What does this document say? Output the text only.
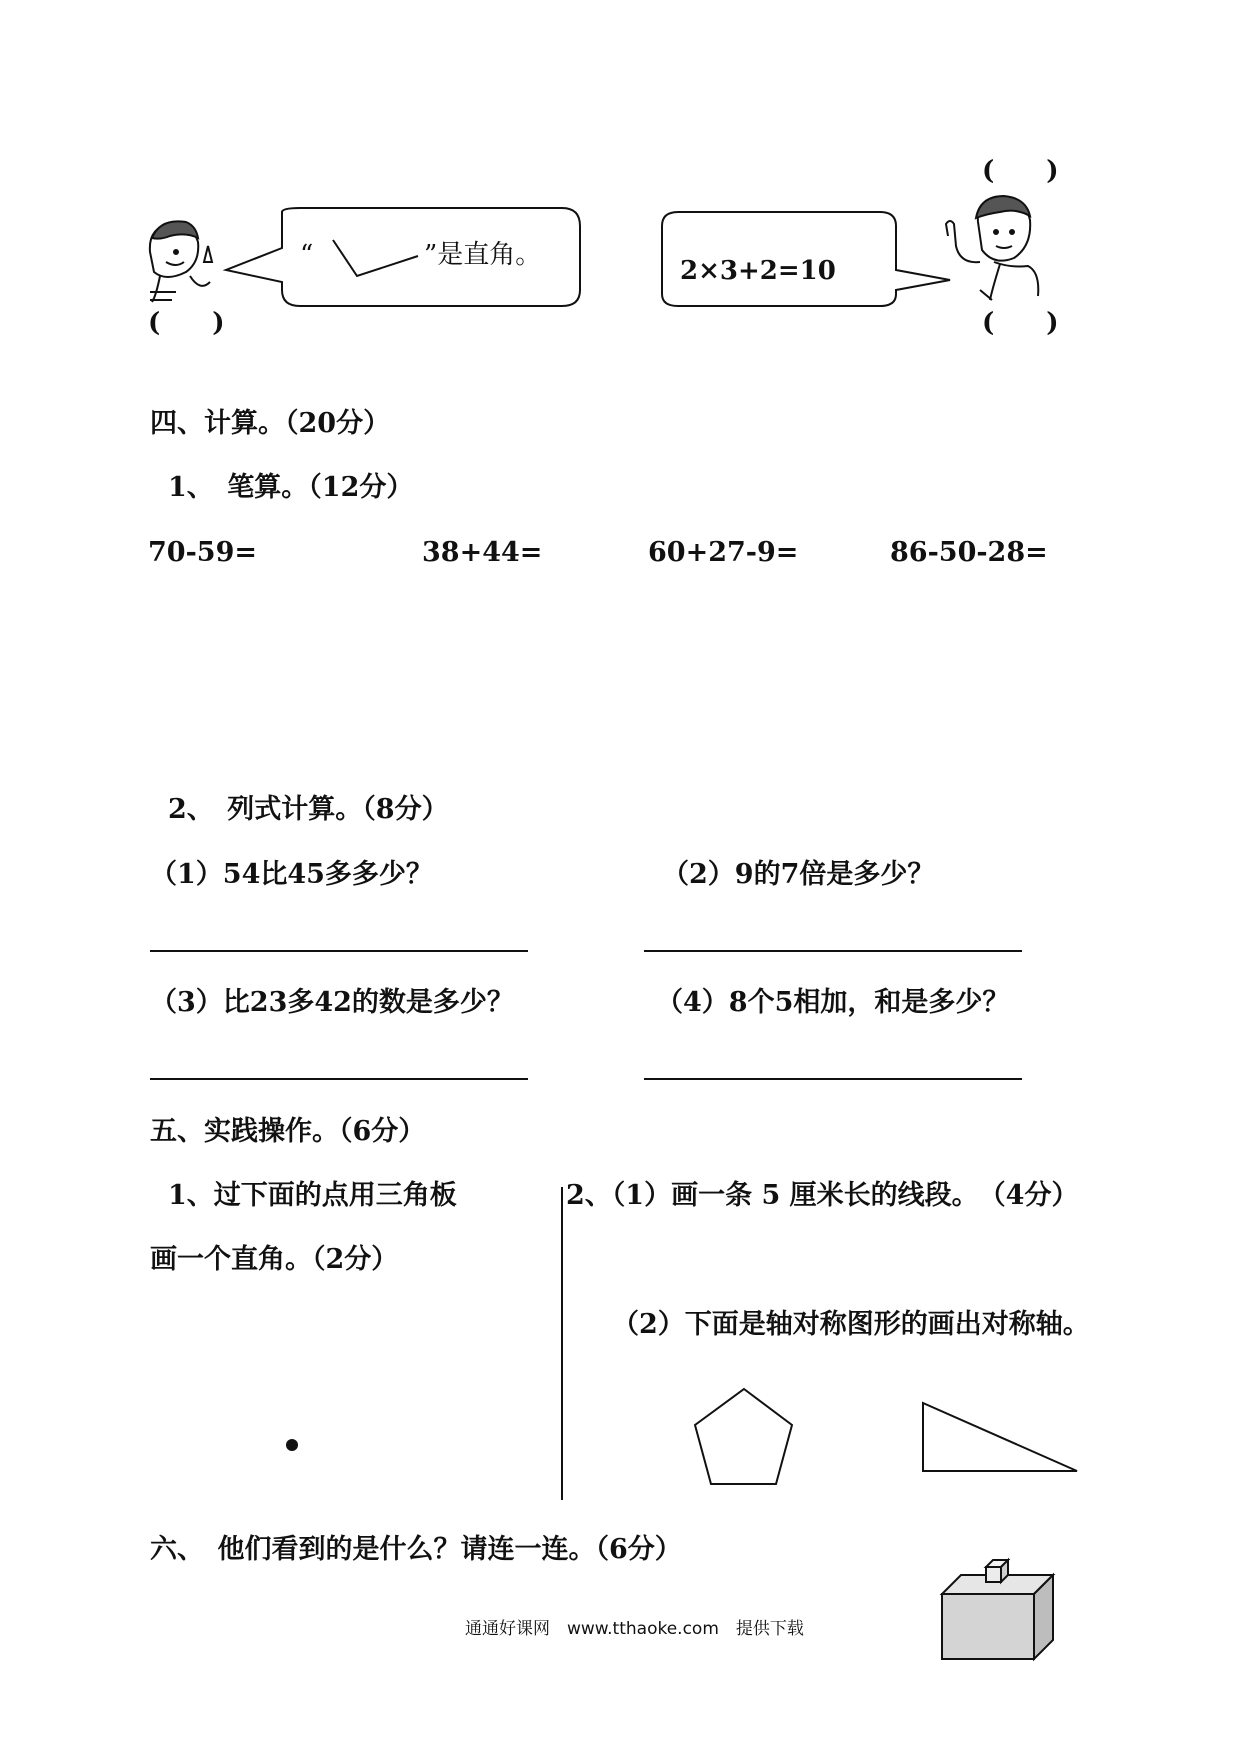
(　　)
(　　)	(　　)
“	”是直角。
2×3+2=10
四、计算。（20分）
1、　笔算。（12分）
70-59=	38+44=	60+27-9=	86-50-28=
2、　列式计算。（8分）
（1）54比45多多少？	（2）9的7倍是多少？
（3）比23多42的数是多少？	（4）8个5相加，和是多少？
五、实践操作。（6分）
1、过下面的点用三角板
画一个直角。（2分）
2、（1）画一条 5 厘米长的线段。　（4分）
（2）下面是轴对称图形的画出对称轴。
六、　他们看到的是什么？请连一连。（6分）
通通好课网　www.tthaoke.com　提供下载
